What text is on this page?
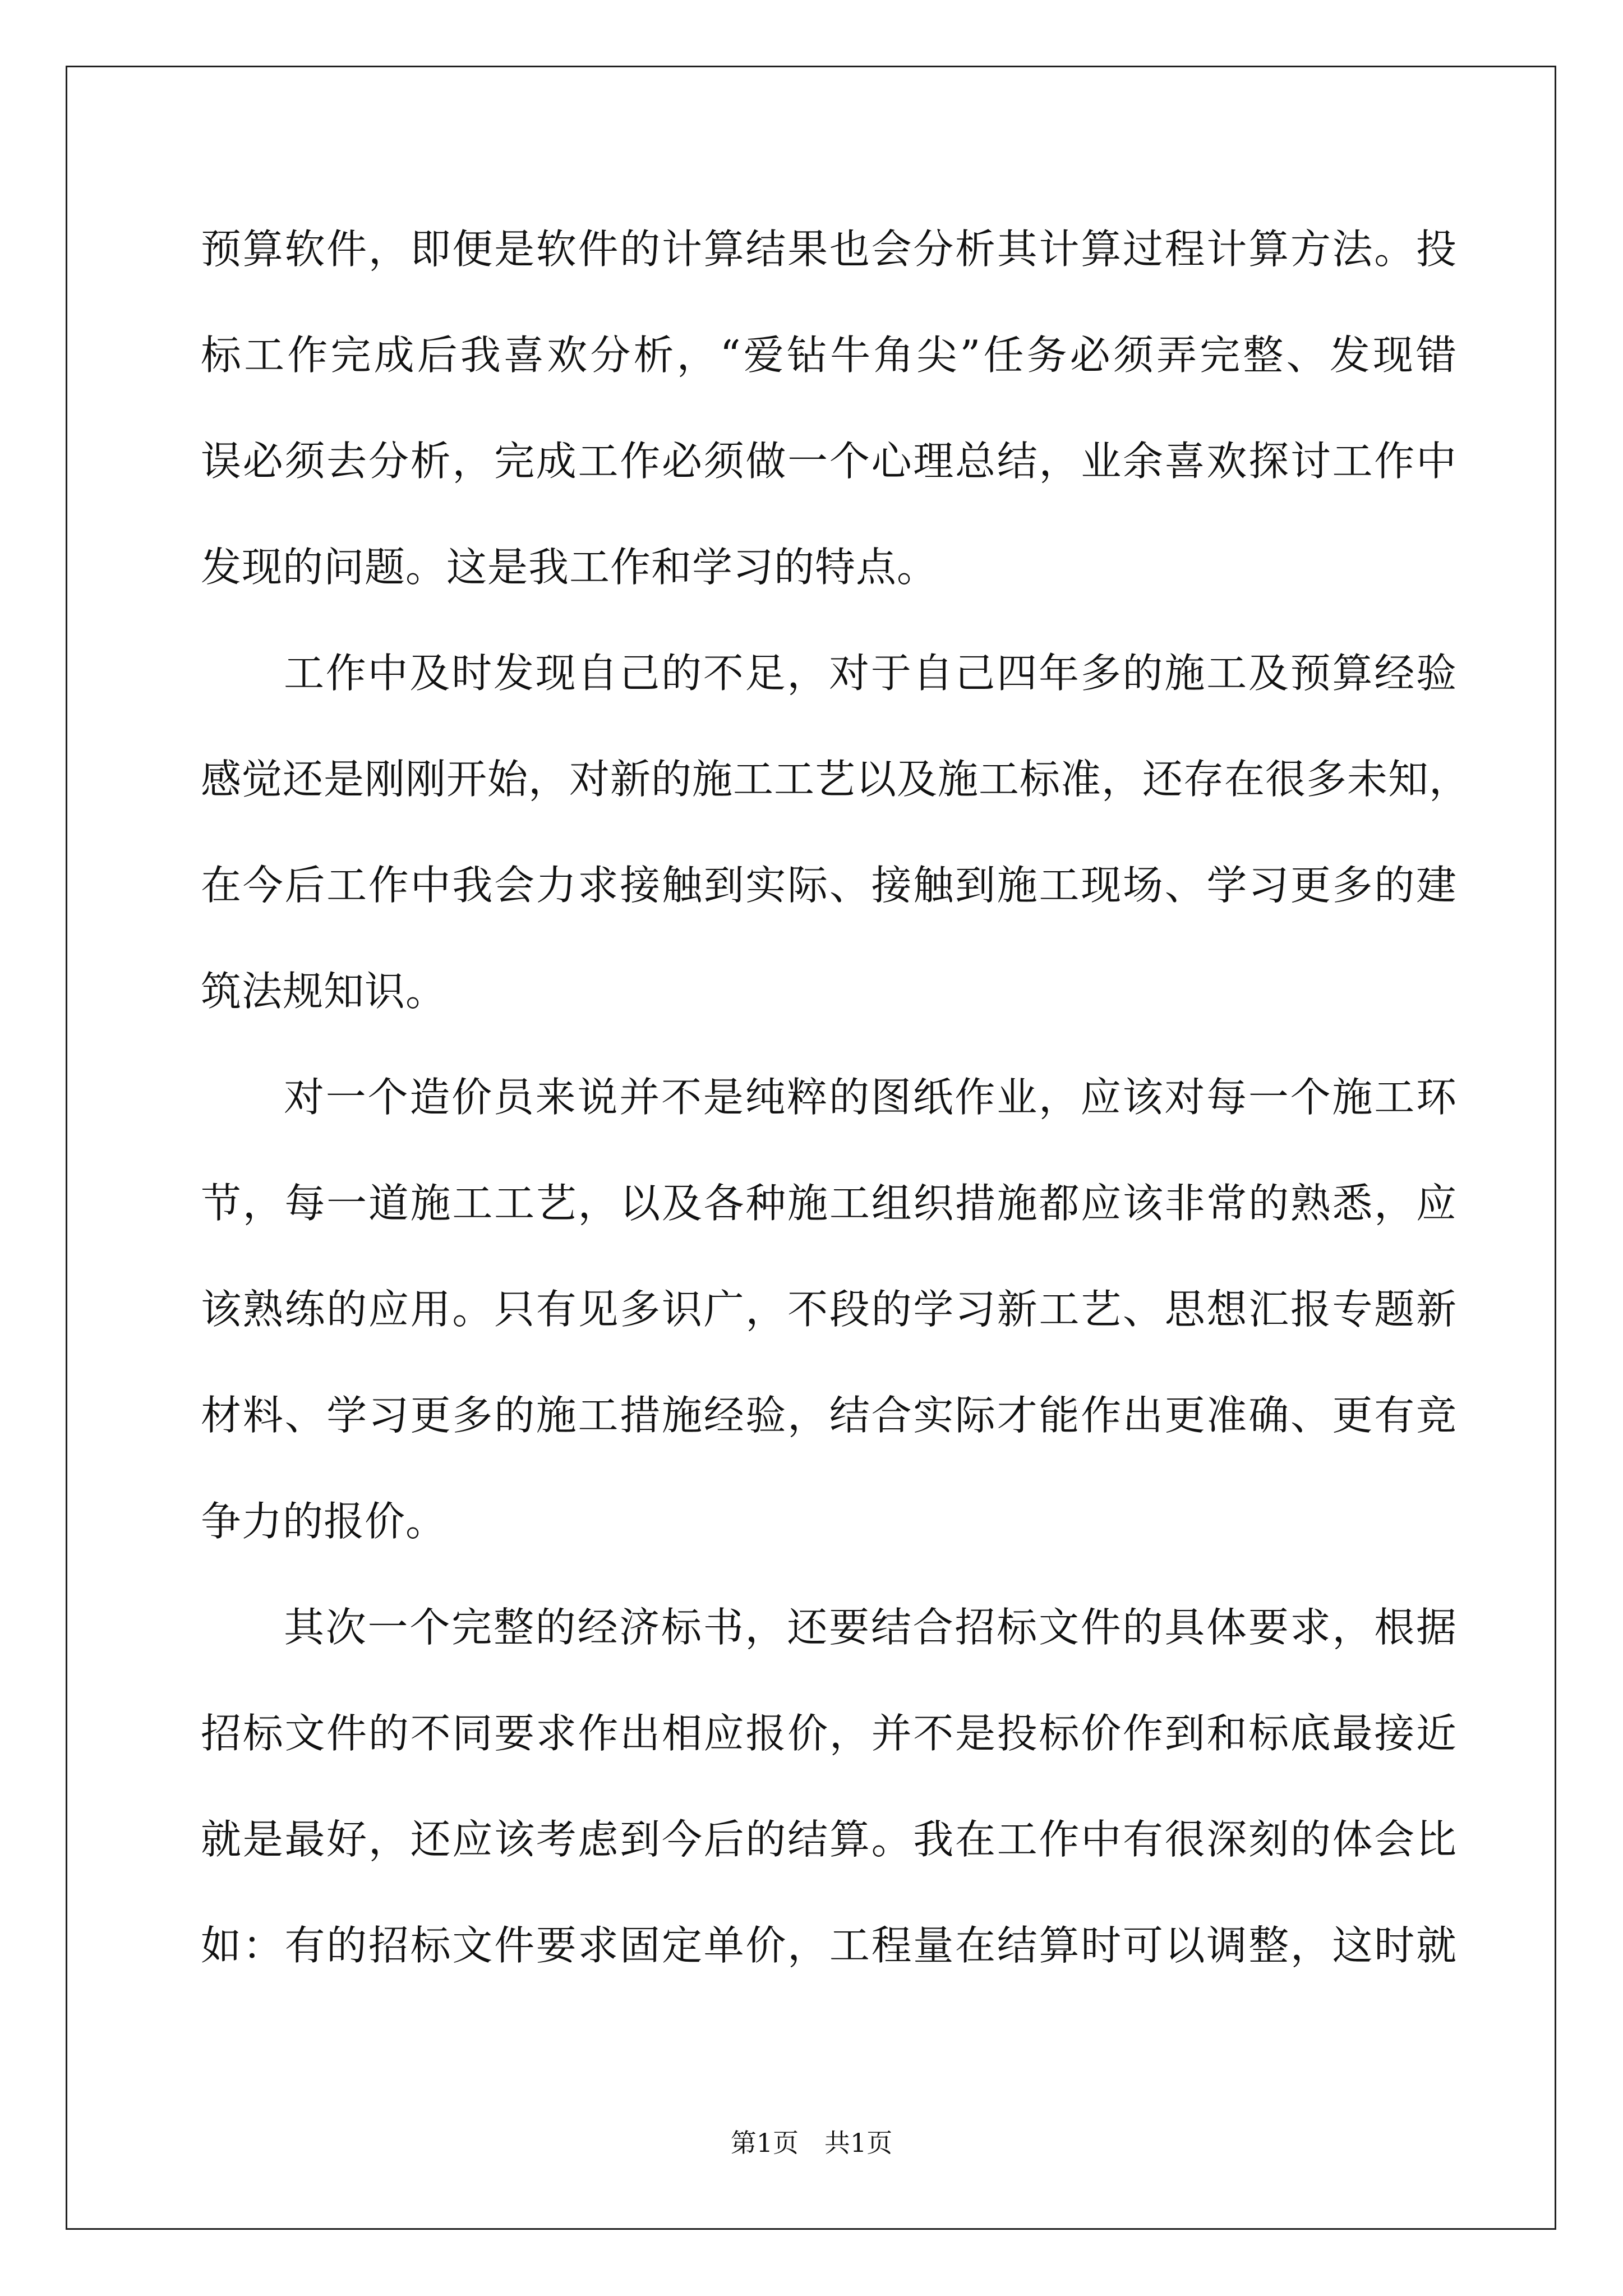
预算软件，即便是软件的计算结果也会分析其计算过程计算方法。投
标工作完成后我喜欢分析，“爱钻牛角尖”任务必须弄完整、发现错
误必须去分析，完成工作必须做一个心理总结，业余喜欢探讨工作中
发现的问题。这是我工作和学习的特点。
工作中及时发现自己的不足，对于自己四年多的施工及预算经验
感觉还是刚刚开始，对新的施工工艺以及施工标准，还存在很多未知，
在今后工作中我会力求接触到实际、接触到施工现场、学习更多的建
筑法规知识。
对一个造价员来说并不是纯粹的图纸作业，应该对每一个施工环
节，每一道施工工艺，以及各种施工组织措施都应该非常的熟悉，应
该熟练的应用。只有见多识广，不段的学习新工艺、思想汇报专题新
材料、学习更多的施工措施经验，结合实际才能作出更准确、更有竞
争力的报价。
其次一个完整的经济标书，还要结合招标文件的具体要求，根据
招标文件的不同要求作出相应报价，并不是投标价作到和标底最接近
就是最好，还应该考虑到今后的结算。我在工作中有很深刻的体会比
如：有的招标文件要求固定单价，工程量在结算时可以调整，这时就
第1页　共1页
